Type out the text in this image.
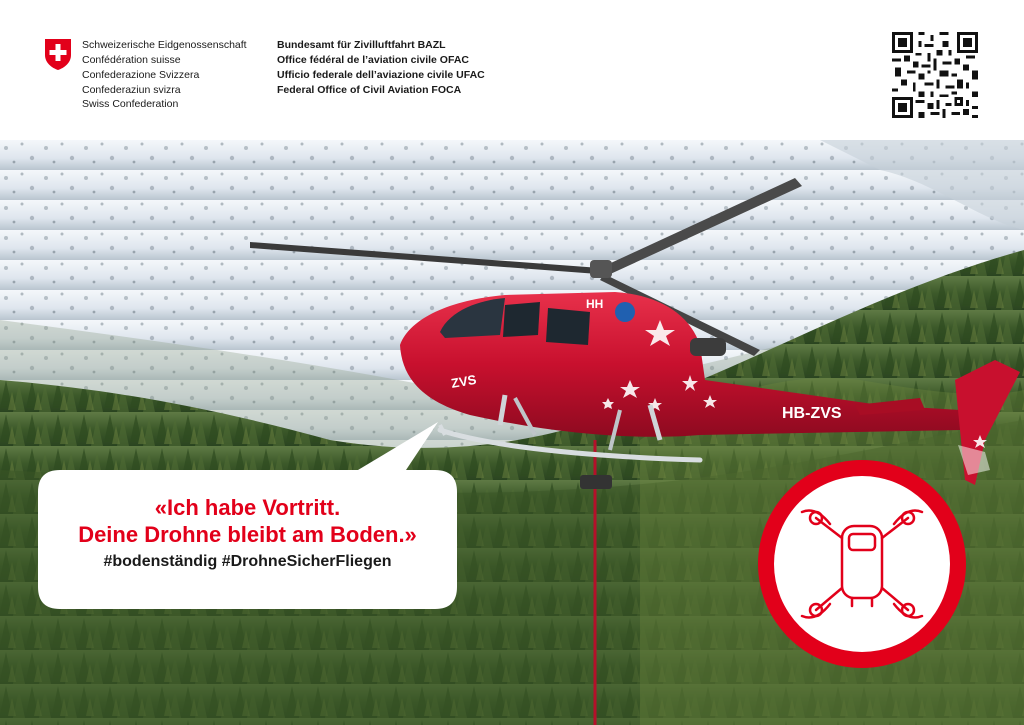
Schweizerische Eidgenossenschaft
Confédération suisse
Confederazione Svizzera
Confederaziun svizra
Swiss Confederation
Bundesamt für Zivilluftfahrt BAZL
Office fédéral de l’aviation civile OFAC
Ufficio federale dell’aviazione civile UFAC
Federal Office of Civil Aviation FOCA
HB-ZVS
ZVS
HH
«Ich habe Vortritt.
Deine Drohne bleibt am Boden.»
#bodenständig #DrohneSicherFliegen
